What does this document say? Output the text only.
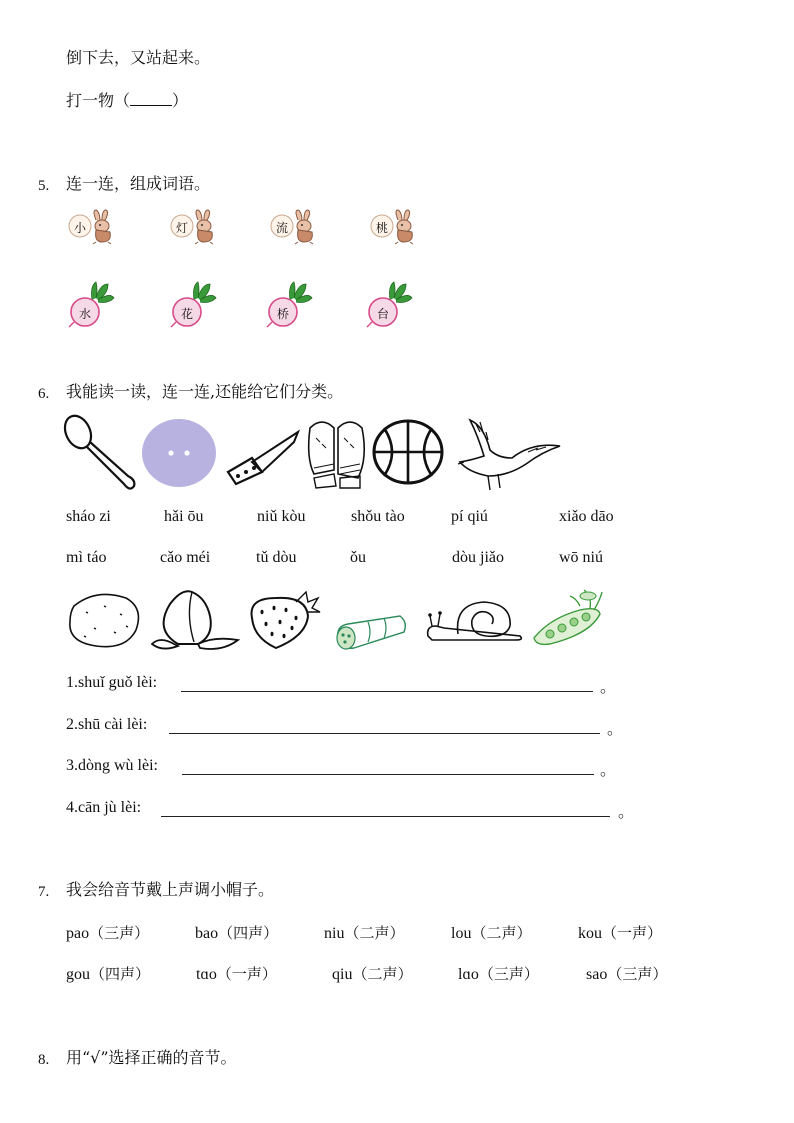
倒下去，又站起来。
打一物（	）
5. 连一连，组成词语。
小	灯	流	桃
水	花	桥	台
6. 我能读一读，连一连,还能给它们分类。
sháo zi	hǎi ōu	niǔ kòu	shǒu tào	pí qiú	xiǎo dāo
mì táo	cǎo méi	tǔ dòu	ǒu	dòu jiǎo	wō niú
1.shuǐ guǒ lèi:	。
2.shū cài lèi:	。
3.dòng wù lèi:	。
4.cān jù lèi:	。
7. 我会给音节戴上声调小帽子。
pao（三声）	bao（四声）	niu（二声）	lou（二声）	kou（一声）
gou（四声）	tɑo（一声）	qiu（二声）	lɑo（三声）	sao（三声）
8. 用“√”选择正确的音节。
